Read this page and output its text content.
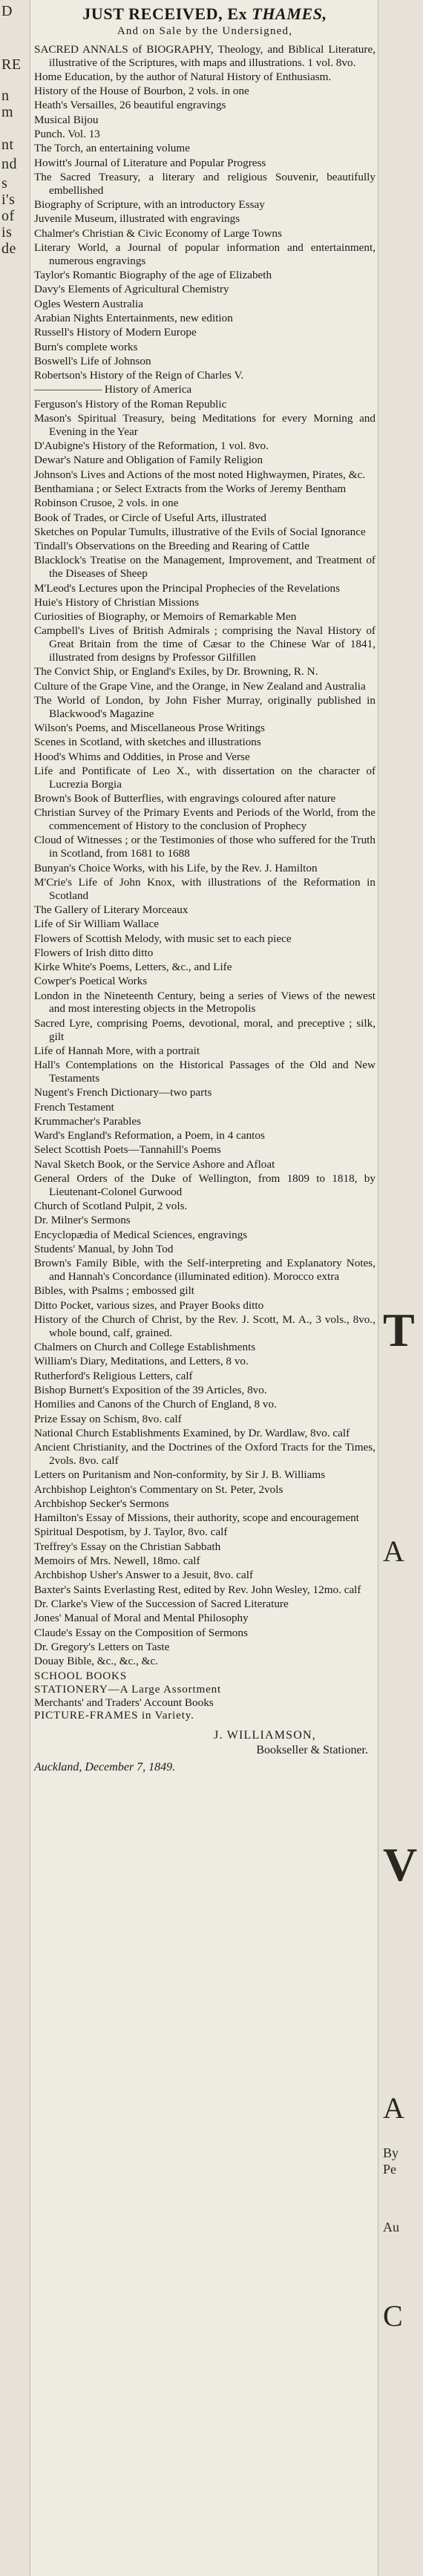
D
RE
n
m
nt
nd
s
i's
of
is
de
T
A
V
A
By
Pe
Au
C
JUST RECEIVED, Ex THAMES,
And on Sale by the Undersigned,
SACRED ANNALS of BIOGRAPHY, Theology, and Biblical Literature, illustrative of the Scriptures, with maps and illustrations. 1 vol. 8vo.
Home Education, by the author of Natural History of Enthusiasm.
History of the House of Bourbon, 2 vols. in one
Heath's Versailles, 26 beautiful engravings
Musical Bijou
Punch. Vol. 13
The Torch, an entertaining volume
Howitt's Journal of Literature and Popular Progress
The Sacred Treasury, a literary and religious Souvenir, beautifully embellished
Biography of Scripture, with an introductory Essay
Juvenile Museum, illustrated with engravings
Chalmer's Christian & Civic Economy of Large Towns
Literary World, a Journal of popular information and entertainment, numerous engravings
Taylor's Romantic Biography of the age of Elizabeth
Davy's Elements of Agricultural Chemistry
Ogles Western Australia
Arabian Nights Entertainments, new edition
Russell's History of Modern Europe
Burn's complete works
Boswell's Life of Johnson
Robertson's History of the Reign of Charles V.
—————— History of America
Ferguson's History of the Roman Republic
Mason's Spiritual Treasury, being Meditations for every Morning and Evening in the Year
D'Aubigne's History of the Reformation, 1 vol. 8vo.
Dewar's Nature and Obligation of Family Religion
Johnson's Lives and Actions of the most noted Highwaymen, Pirates, &c.
Benthamiana ; or Select Extracts from the Works of Jeremy Bentham
Robinson Crusoe, 2 vols. in one
Book of Trades, or Circle of Useful Arts, illustrated
Sketches on Popular Tumults, illustrative of the Evils of Social Ignorance
Tindall's Observations on the Breeding and Rearing of Cattle
Blacklock's Treatise on the Management, Improvement, and Treatment of the Diseases of Sheep
M'Leod's Lectures upon the Principal Prophecies of the Revelations
Huie's History of Christian Missions
Curiosities of Biography, or Memoirs of Remarkable Men
Campbell's Lives of British Admirals ; comprising the Naval History of Great Britain from the time of Cæsar to the Chinese War of 1841, illustrated from designs by Professor Gilfillen
The Convict Ship, or England's Exiles, by Dr. Browning, R. N.
Culture of the Grape Vine, and the Orange, in New Zealand and Australia
The World of London, by John Fisher Murray, originally published in Blackwood's Magazine
Wilson's Poems, and Miscellaneous Prose Writings
Scenes in Scotland, with sketches and illustrations
Hood's Whims and Oddities, in Prose and Verse
Life and Pontificate of Leo X., with dissertation on the character of Lucrezia Borgia
Brown's Book of Butterflies, with engravings coloured after nature
Christian Survey of the Primary Events and Periods of the World, from the commencement of History to the conclusion of Prophecy
Cloud of Witnesses ; or the Testimonies of those who suffered for the Truth in Scotland, from 1681 to 1688
Bunyan's Choice Works, with his Life, by the Rev. J. Hamilton
M'Crie's Life of John Knox, with illustrations of the Reformation in Scotland
The Gallery of Literary Morceaux
Life of Sir William Wallace
Flowers of Scottish Melody, with music set to each piece
Flowers of Irish ditto ditto
Kirke White's Poems, Letters, &c., and Life
Cowper's Poetical Works
London in the Nineteenth Century, being a series of Views of the newest and most interesting objects in the Metropolis
Sacred Lyre, comprising Poems, devotional, moral, and preceptive ; silk, gilt
Life of Hannah More, with a portrait
Hall's Contemplations on the Historical Passages of the Old and New Testaments
Nugent's French Dictionary—two parts
French Testament
Krummacher's Parables
Ward's England's Reformation, a Poem, in 4 cantos
Select Scottish Poets—Tannahill's Poems
Naval Sketch Book, or the Service Ashore and Afloat
General Orders of the Duke of Wellington, from 1809 to 1818, by Lieutenant-Colonel Gurwood
Church of Scotland Pulpit, 2 vols.
Dr. Milner's Sermons
Encyclopædia of Medical Sciences, engravings
Students' Manual, by John Tod
Brown's Family Bible, with the Self-interpreting and Explanatory Notes, and Hannah's Concordance (illuminated edition). Morocco extra
Bibles, with Psalms ; embossed gilt
Ditto Pocket, various sizes, and Prayer Books ditto
History of the Church of Christ, by the Rev. J. Scott, M. A., 3 vols., 8vo., whole bound, calf, grained.
Chalmers on Church and College Establishments
William's Diary, Meditations, and Letters, 8 vo.
Rutherford's Religious Letters, calf
Bishop Burnett's Exposition of the 39 Articles, 8vo.
Homilies and Canons of the Church of England, 8 vo.
Prize Essay on Schism, 8vo. calf
National Church Establishments Examined, by Dr. Wardlaw, 8vo. calf
Ancient Christianity, and the Doctrines of the Oxford Tracts for the Times, 2vols. 8vo. calf
Letters on Puritanism and Non-conformity, by Sir J. B. Williams
Archbishop Leighton's Commentary on St. Peter, 2vols
Archbishop Secker's Sermons
Hamilton's Essay of Missions, their authority, scope and encouragement
Spiritual Despotism, by J. Taylor, 8vo. calf
Treffrey's Essay on the Christian Sabbath
Memoirs of Mrs. Newell, 18mo. calf
Archbishop Usher's Answer to a Jesuit, 8vo. calf
Baxter's Saints Everlasting Rest, edited by Rev. John Wesley, 12mo. calf
Dr. Clarke's View of the Succession of Sacred Literature
Jones' Manual of Moral and Mental Philosophy
Claude's Essay on the Composition of Sermons
Dr. Gregory's Letters on Taste
Douay Bible, &c., &c., &c.
SCHOOL BOOKS
STATIONERY—A Large Assortment
Merchants' and Traders' Account Books
PICTURE-FRAMES in Variety.
J. WILLIAMSON,
Bookseller & Stationer.
Auckland, December 7, 1849.
